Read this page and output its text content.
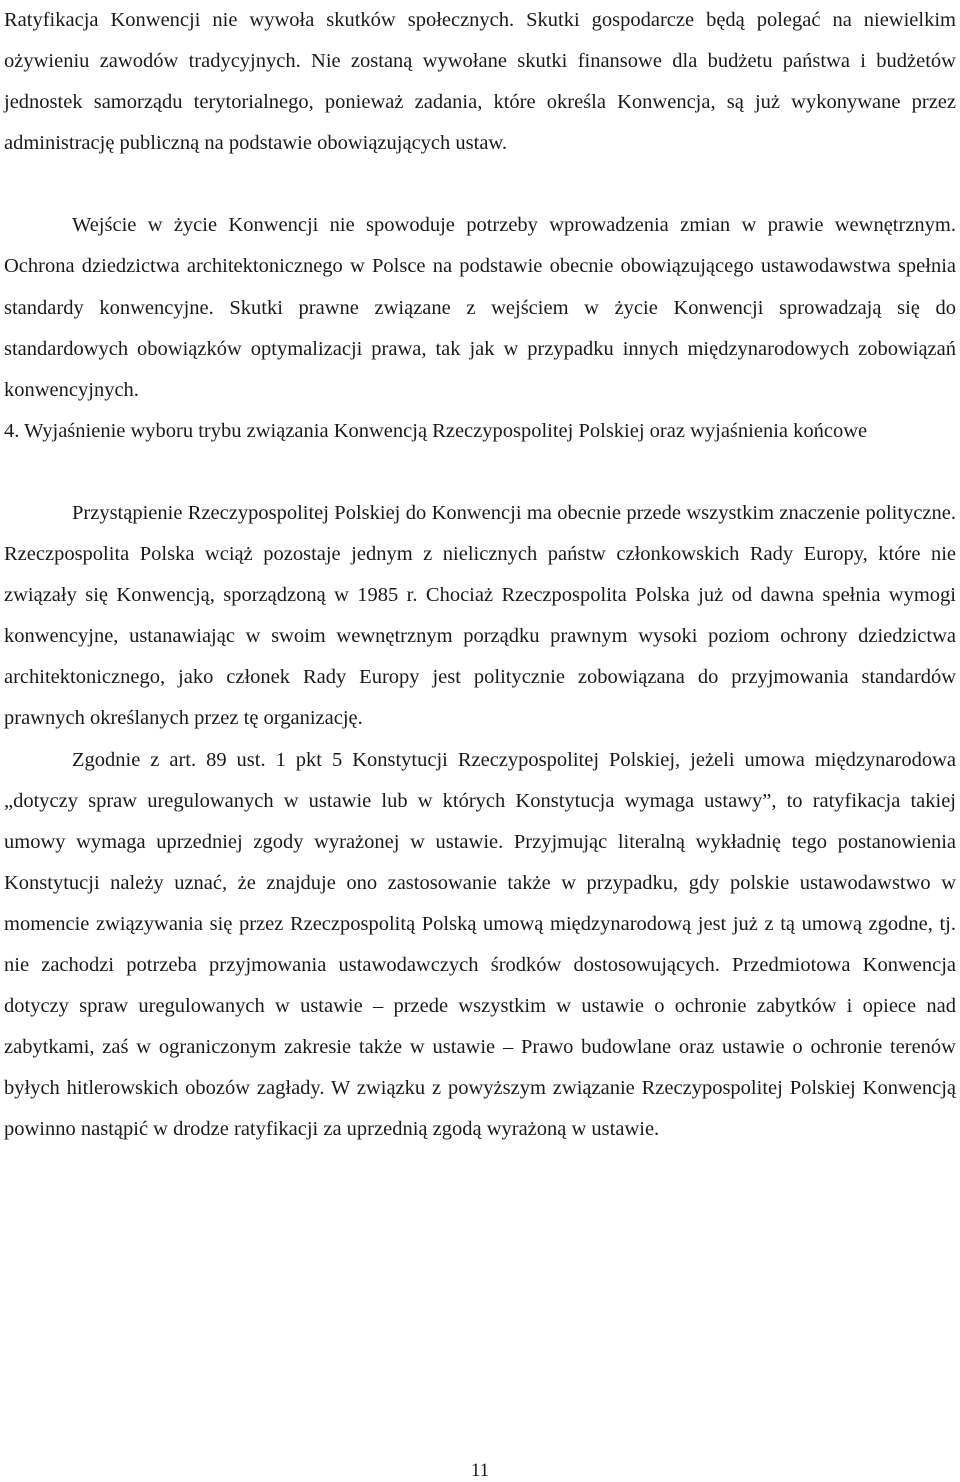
Ratyfikacja Konwencji nie wywoła skutków społecznych. Skutki gospodarcze będą polegać na niewielkim ożywieniu zawodów tradycyjnych. Nie zostaną wywołane skutki finansowe dla budżetu państwa i budżetów jednostek samorządu terytorialnego, ponieważ zadania, które określa Konwencja, są już wykonywane przez administrację publiczną na podstawie obowiązujących ustaw.

Wejście w życie Konwencji nie spowoduje potrzeby wprowadzenia zmian w prawie wewnętrznym. Ochrona dziedzictwa architektonicznego w Polsce na podstawie obecnie obowiązującego ustawodawstwa spełnia standardy konwencyjne. Skutki prawne związane z wejściem w życie Konwencji sprowadzają się do standardowych obowiązków optymalizacji prawa, tak jak w przypadku innych międzynarodowych zobowiązań konwencyjnych.

4. Wyjaśnienie wyboru trybu związania Konwencją Rzeczypospolitej Polskiej oraz wyjaśnienia końcowe

Przystąpienie Rzeczypospolitej Polskiej do Konwencji ma obecnie przede wszystkim znaczenie polityczne. Rzeczpospolita Polska wciąż pozostaje jednym z nielicznych państw członkowskich Rady Europy, które nie związały się Konwencją, sporządzoną w 1985 r. Chociaż Rzeczpospolita Polska już od dawna spełnia wymogi konwencyjne, ustanawiając w swoim wewnętrznym porządku prawnym wysoki poziom ochrony dziedzictwa architektonicznego, jako członek Rady Europy jest politycznie zobowiązana do przyjmowania standardów prawnych określanych przez tę organizację.

Zgodnie z art. 89 ust. 1 pkt 5 Konstytucji Rzeczypospolitej Polskiej, jeżeli umowa międzynarodowa „dotyczy spraw uregulowanych w ustawie lub w których Konstytucja wymaga ustawy”, to ratyfikacja takiej umowy wymaga uprzedniej zgody wyrażonej w ustawie. Przyjmując literalną wykładnię tego postanowienia Konstytucji należy uznać, że znajduje ono zastosowanie także w przypadku, gdy polskie ustawodawstwo w momencie związywania się przez Rzeczpospolitą Polską umową międzynarodową jest już z tą umową zgodne, tj. nie zachodzi potrzeba przyjmowania ustawodawczych środków dostosowujących. Przedmiotowa Konwencja dotyczy spraw uregulowanych w ustawie – przede wszystkim w ustawie o ochronie zabytków i opiece nad zabytkami, zaś w ograniczonym zakresie także w ustawie – Prawo budowlane oraz ustawie o ochronie terenów byłych hitlerowskich obozów zagłady. W związku z powyższym związanie Rzeczypospolitej Polskiej Konwencją powinno nastąpić w drodze ratyfikacji za uprzednią zgodą wyrażoną w ustawie.

11
